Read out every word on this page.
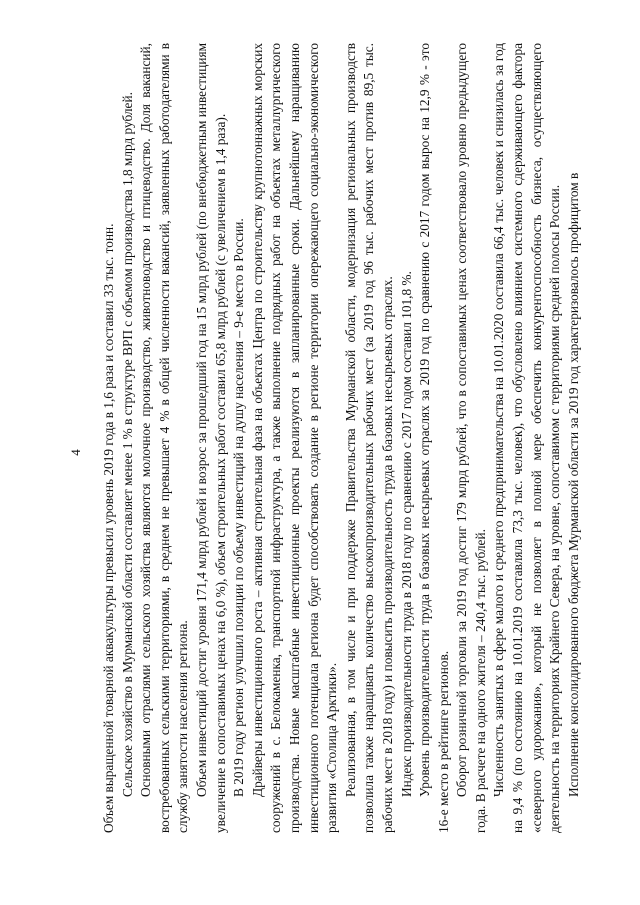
4 Объем выращенной товарной аквакультуры превысил уровень 2019 года в 1,6 раза и составил 33 тыс. тонн. Сельское хозяйство в Мурманской области составляет менее 1 % в структуре ВРП с объемом производства 1,8 млрд рублей. Основными отраслями сельского хозяйства являются молочное производство, животноводство и птицеводство. Доля вакансий, востребованных сельскими территориями, в среднем не превышает 4 % в общей численности вакансий, заявленных работодателями в службу занятости населения региона. Объем инвестиций достиг уровня 171,4 млрд рублей и возрос за прошедший год на 15 млрд рублей (по внебюджетным инвестициям увеличение в сопоставимых ценах на 6,0 %), объем строительных работ составил 65,8 млрд рублей (с увеличением в 1,4 раза). В 2019 году регион улучшил позиции по объему инвестиций на душу населения – 9-е место в России. Драйверы инвестиционного роста – активная строительная фаза на объектах Центра по строительству крупнотоннажных морских сооружений в с. Белокаменка, транспортной инфраструктура, а также выполнение подрядных работ на объектах металлургического производства. Новые масштабные инвестиционные проекты реализуются в запланированные сроки. Дальнейшему наращиванию инвестиционного потенциала региона будет способствовать создание в регионе территории опережающего социально-экономического развития «Столица Арктики». Реализованная, в том числе и при поддержке Правительства Мурманской области, модернизация региональных производств позволила также наращивать количество высокопроизводительных рабочих мест (за 2019 год 96 тыс. рабочих мест против 89,5 тыс. рабочих мест в 2018 году) и повысить производительность труда в базовых несырьевых отраслях. Индекс производительности труда в 2018 году по сравнению с 2017 годом составил 101,8 %. Уровень производительности труда в базовых несырьевых отраслях за 2019 год по сравнению с 2017 годом вырос на 12,9 % - это 16-е место в рейтинге регионов. Оборот розничной торговли за 2019 год достиг 179 млрд рублей, что в сопоставимых ценах соответствовало уровню предыдущего года. В расчете на одного жителя – 240,4 тыс. рублей. Численность занятых в сфере малого и среднего предпринимательства на 10.01.2020 составила 66,4 тыс. человек и снизилась за год на 9,4 % (по состоянию на 10.01.2019 составляла 73,3 тыс. человек), что обусловлено влиянием системного сдерживающего фактора «северного удорожания», который не позволяет в полной мере обеспечить конкурентоспособность бизнеса, осуществляющего деятельность на территориях Крайнего Севера, на уровне, сопоставимом с территориями средней полосы России. Исполнение консолидированного бюджета Мурманской области за 2019 год характеризовалось профицитом в
